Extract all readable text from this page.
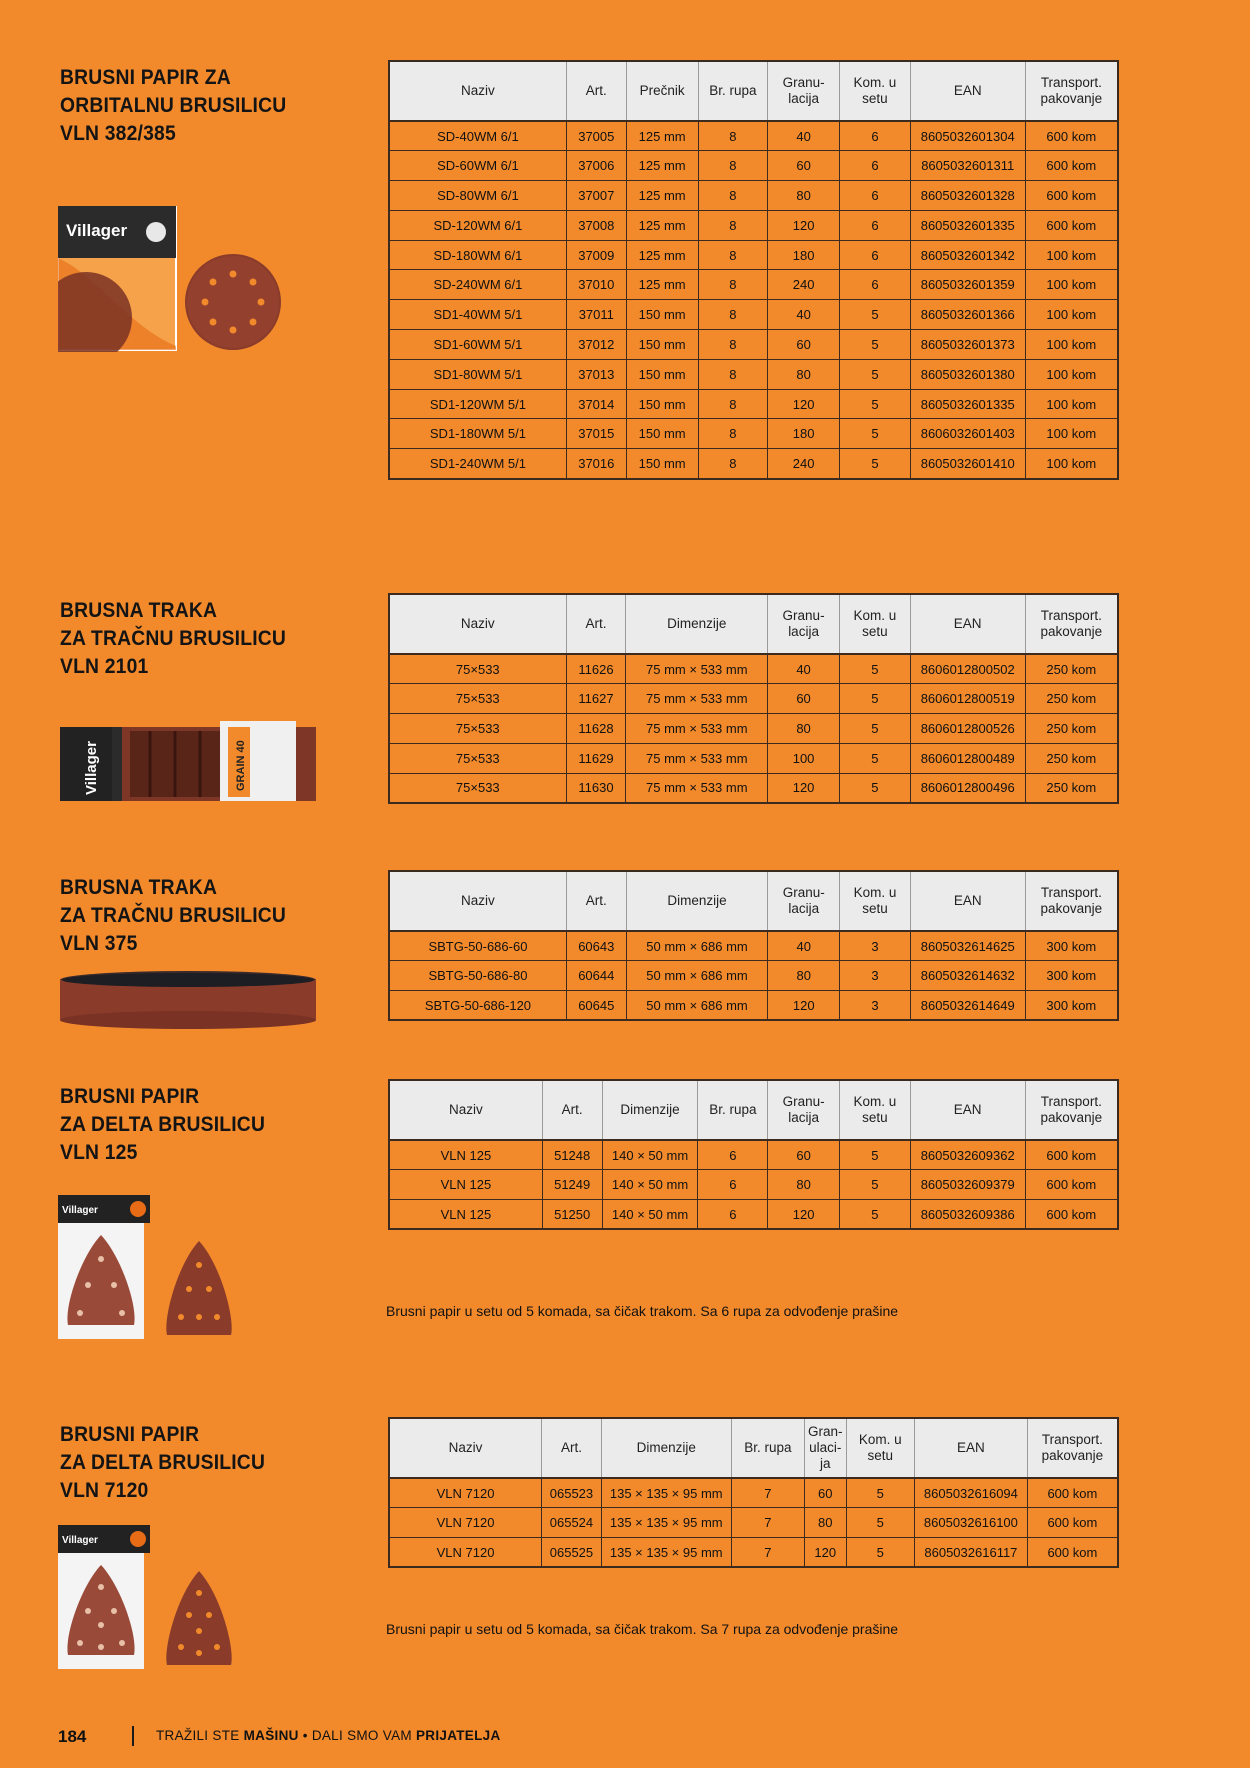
BRUSNI PAPIR ZA
ORBITALNU BRUSILICU
VLN 382/385
Naziv	Art.	Prečnik	Br. rupa	Granu-
lacija	Kom. u
setu	EAN	Transport.
pakovanje
SD-40WM 6/1	37005	125 mm	8	40	6	8605032601304	600 kom
SD-60WM 6/1	37006	125 mm	8	60	6	8605032601311	600 kom
SD-80WM 6/1	37007	125 mm	8	80	6	8605032601328	600 kom
SD-120WM 6/1	37008	125 mm	8	120	6	8605032601335	600 kom
SD-180WM 6/1	37009	125 mm	8	180	6	8605032601342	100 kom
SD-240WM 6/1	37010	125 mm	8	240	6	8605032601359	100 kom
SD1-40WM 5/1	37011	150 mm	8	40	5	8605032601366	100 kom
SD1-60WM 5/1	37012	150 mm	8	60	5	8605032601373	100 kom
SD1-80WM 5/1	37013	150 mm	8	80	5	8605032601380	100 kom
SD1-120WM 5/1	37014	150 mm	8	120	5	8605032601335	100 kom
SD1-180WM 5/1	37015	150 mm	8	180	5	8606032601403	100 kom
SD1-240WM 5/1	37016	150 mm	8	240	5	8605032601410	100 kom
Villager
BRUSNA TRAKA
ZA TRAČNU BRUSILICU
VLN 2101
Naziv	Art.	Dimenzije	Granu-
lacija	Kom. u
setu	EAN	Transport.
pakovanje
75×533	11626	75 mm × 533 mm	40	5	8606012800502	250 kom
75×533	11627	75 mm × 533 mm	60	5	8606012800519	250 kom
75×533	11628	75 mm × 533 mm	80	5	8606012800526	250 kom
75×533	11629	75 mm × 533 mm	100	5	8606012800489	250 kom
75×533	11630	75 mm × 533 mm	120	5	8606012800496	250 kom
Villager	GRAIN 40
BRUSNA TRAKA
ZA TRAČNU BRUSILICU
VLN 375
Naziv	Art.	Dimenzije	Granu-
lacija	Kom. u
setu	EAN	Transport.
pakovanje
SBTG-50-686-60	60643	50 mm × 686 mm	40	3	8605032614625	300 kom
SBTG-50-686-80	60644	50 mm × 686 mm	80	3	8605032614632	300 kom
SBTG-50-686-120	60645	50 mm × 686 mm	120	3	8605032614649	300 kom
BRUSNI PAPIR
ZA DELTA BRUSILICU
VLN 125
Naziv	Art.	Dimenzije	Br. rupa	Granu-
lacija	Kom. u
setu	EAN	Transport.
pakovanje
VLN 125	51248	140 × 50 mm	6	60	5	8605032609362	600 kom
VLN 125	51249	140 × 50 mm	6	80	5	8605032609379	600 kom
VLN 125	51250	140 × 50 mm	6	120	5	8605032609386	600 kom
Brusni papir u setu od 5 komada, sa čičak trakom. Sa 6 rupa za odvođenje prašine
Villager
BRUSNI PAPIR
ZA DELTA BRUSILICU
VLN 7120
Naziv	Art.	Dimenzije	Br. rupa	Gran-
ulaci-
ja	Kom. u
setu	EAN	Transport.
pakovanje
VLN 7120	065523	135 × 135 × 95 mm	7	60	5	8605032616094	600 kom
VLN 7120	065524	135 × 135 × 95 mm	7	80	5	8605032616100	600 kom
VLN 7120	065525	135 × 135 × 95 mm	7	120	5	8605032616117	600 kom
Brusni papir u setu od 5 komada, sa čičak trakom. Sa 7 rupa za odvođenje prašine
Villager
184	TRAŽILI STE MAŠINU • DALI SMO VAM PRIJATELJA
